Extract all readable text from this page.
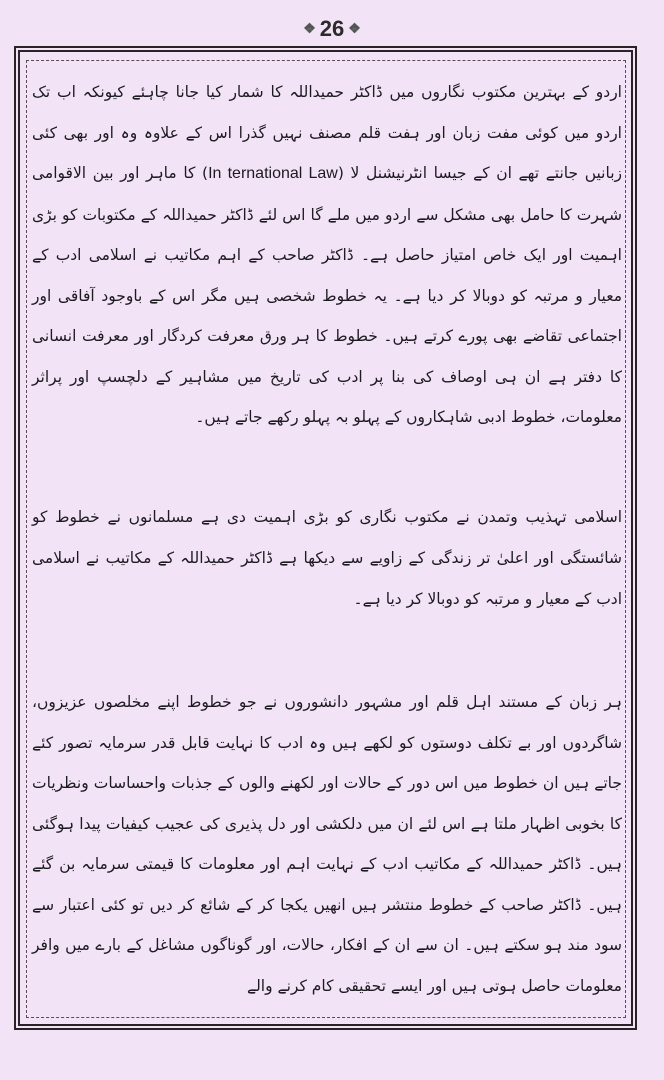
❖ 26 ❖

اردو کے بہترین مکتوب نگاروں میں ڈاکٹر حمیداللہ کا شمار کیا جانا چاہئے کیونکہ اب تک اردو میں کوئی مفت زبان اور ہفت قلم مصنف نہیں گذرا اس کے علاوہ وہ اور بھی کئی زبانیں جانتے تھے ان کے جیسا انٹرنیشنل لا (In ternational Law) کا ماہر اور بین الاقوامی شہرت کا حامل بھی مشکل سے اردو میں ملے گا اس لئے ڈاکٹر حمیداللہ کے مکتوبات کو بڑی اہمیت اور ایک خاص امتیاز حاصل ہے۔ ڈاکٹر صاحب کے اہم مکاتیب نے اسلامی ادب کے معیار و مرتبہ کو دوبالا کر دیا ہے۔ یہ خطوط شخصی ہیں مگر اس کے باوجود آفاقی اور اجتماعی تقاضے بھی پورے کرتے ہیں۔ خطوط کا ہر ورق معرفت کردگار اور معرفت انسانی کا دفتر ہے ان ہی اوصاف کی بنا پر ادب کی تاریخ میں مشاہیر کے دلچسپ اور پراثر معلومات، خطوط ادبی شاہکاروں کے پہلو بہ پہلو رکھے جاتے ہیں۔

اسلامی تہذیب وتمدن نے مکتوب نگاری کو بڑی اہمیت دی ہے مسلمانوں نے خطوط کو شائستگی اور اعلیٰ تر زندگی کے زاویے سے دیکھا ہے ڈاکٹر حمیداللہ کے مکاتیب نے اسلامی ادب کے معیار و مرتبہ کو دوبالا کر دیا ہے۔

ہر زبان کے مستند اہل قلم اور مشہور دانشوروں نے جو خطوط اپنے مخلصوں عزیزوں، شاگردوں اور بے تکلف دوستوں کو لکھے ہیں وہ ادب کا نہایت قابل قدر سرمایہ تصور کئے جاتے ہیں ان خطوط میں اس دور کے حالات اور لکھنے والوں کے جذبات واحساسات ونظریات کا بخوبی اظہار ملتا ہے اس لئے ان میں دلکشی اور دل پذیری کی عجیب کیفیات پیدا ہوگئی ہیں۔ ڈاکٹر حمیداللہ کے مکاتیب ادب کے نہایت اہم اور معلومات کا قیمتی سرمایہ بن گئے ہیں۔ ڈاکٹر صاحب کے خطوط منتشر ہیں انھیں یکجا کر کے شائع کر دیں تو کئی اعتبار سے سود مند ہو سکتے ہیں۔ ان سے ان کے افکار، حالات، اور گوناگوں مشاغل کے بارے میں وافر معلومات حاصل ہوتی ہیں اور ایسے تحقیقی کام کرنے والے
